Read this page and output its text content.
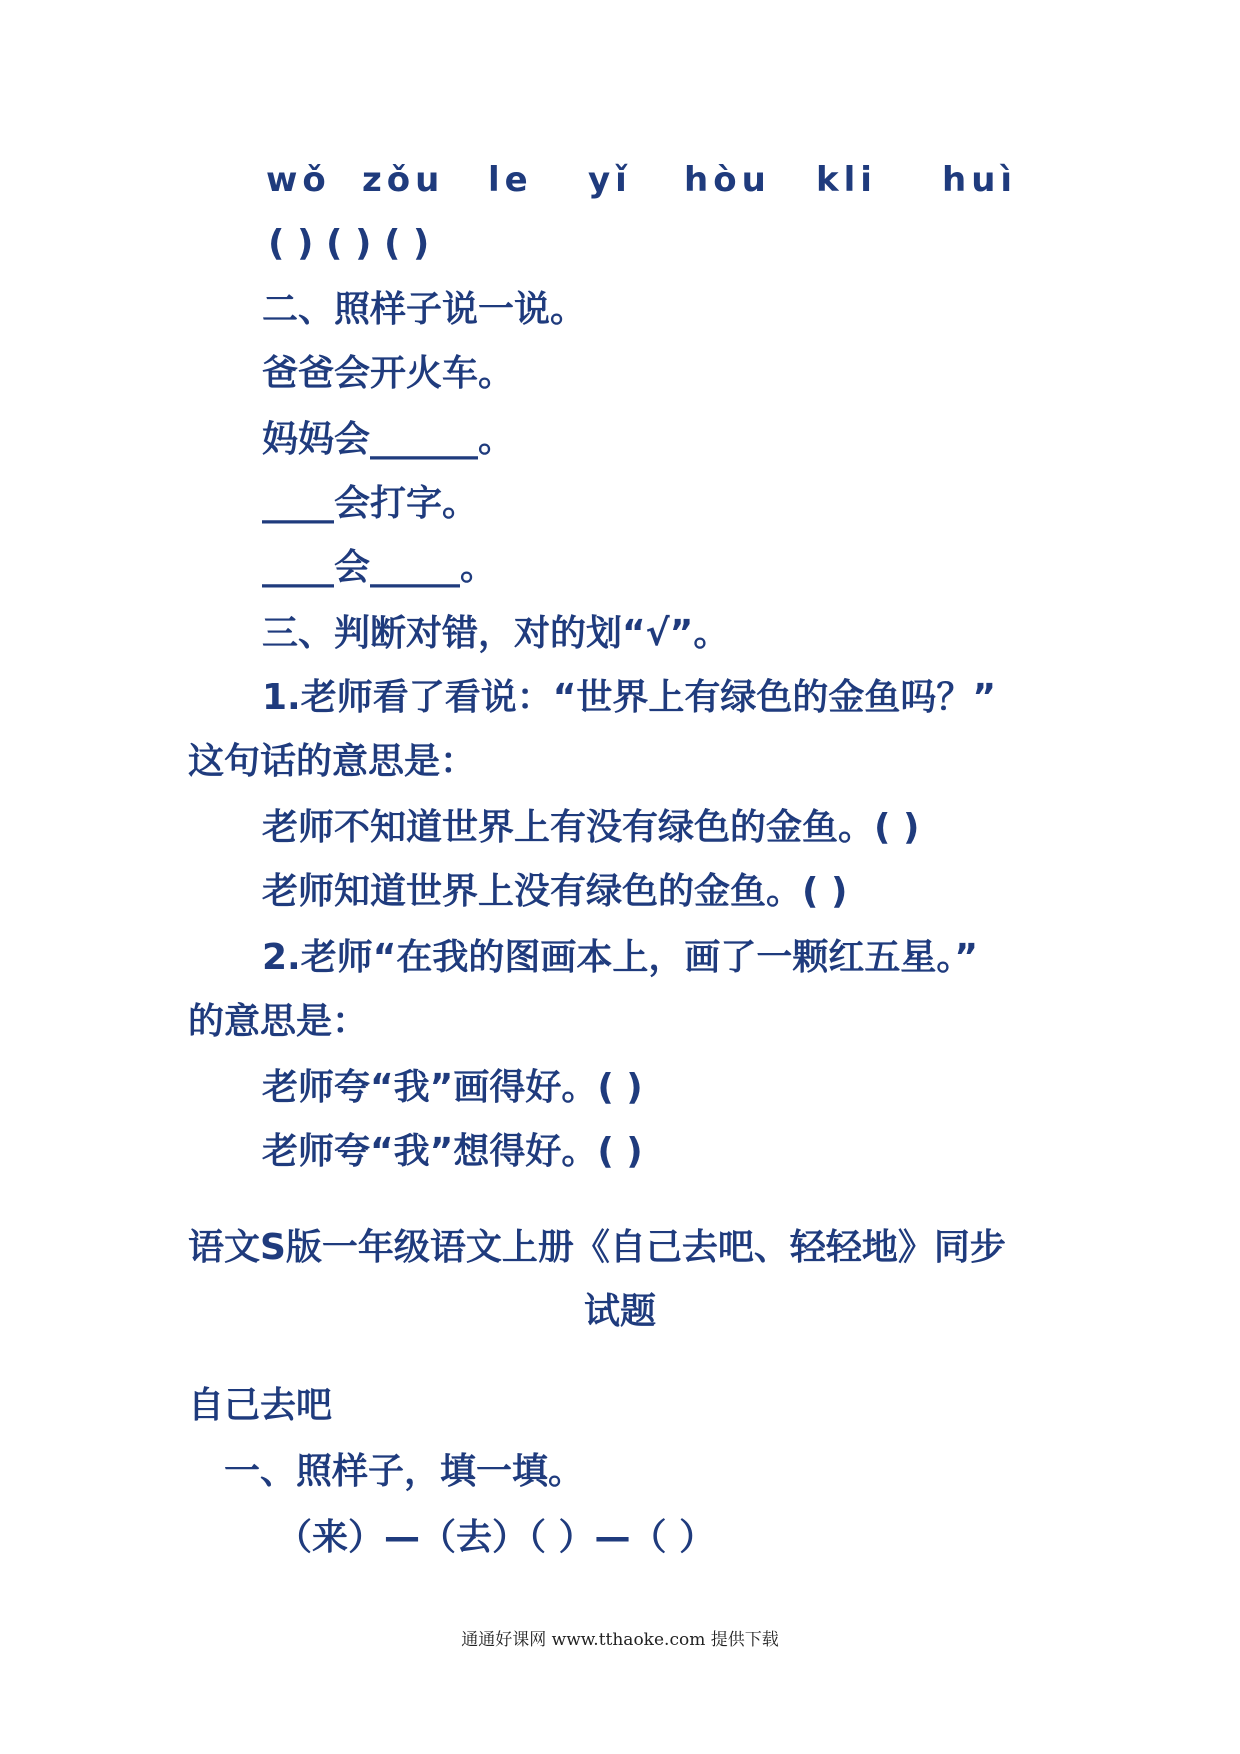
wǒ zǒu le yǐ hòu kli huì
( ) ( ) ( )
二、照样子说一说。
爸爸会开火车。
妈妈会______。
____会打字。
____会_____。
三、判断对错，对的划“√”。
1.老师看了看说：“世界上有绿色的金鱼吗？”
这句话的意思是：
老师不知道世界上有没有绿色的金鱼。( )
老师知道世界上没有绿色的金鱼。( )
2.老师“在我的图画本上，画了一颗红五星。”
的意思是：
老师夸“我”画得好。( )
老师夸“我”想得好。( )
语文S版一年级语文上册《自己去吧、轻轻地》同步
试题
自己去吧
一、照样子，填一填。
（来）—（去）（ ）—（ ）
通通好课网 www.tthaoke.com 提供下载
